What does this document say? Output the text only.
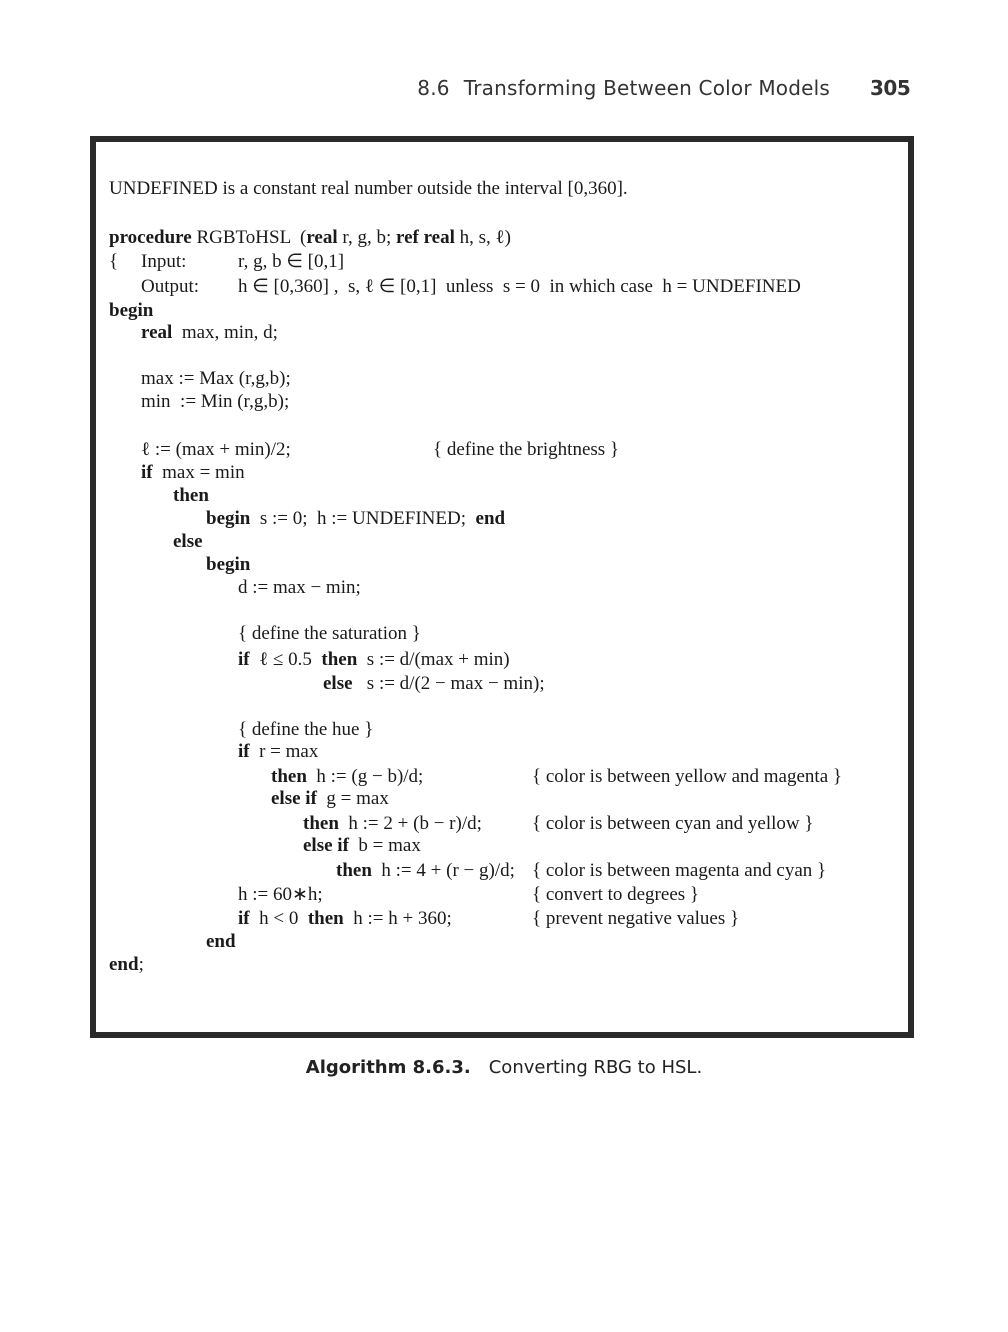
8.6 Transforming Between Color Models 305
UNDEFINED is a constant real number outside the interval [0,360].
procedure RGBToHSL  (real r, g, b; ref real h, s, ℓ)
{ Input:	r, g, b ∈ [0,1]
Output: h ∈ [0,360] ,  s, ℓ ∈ [0,1]  unless  s = 0  in which case  h = UNDEFINED
begin
real  max, min, d;
max := Max (r,g,b);
min  := Min (r,g,b);
ℓ := (max + min)/2;	{ define the brightness }
if  max = min
then
begin  s := 0;  h := UNDEFINED;  end
else
begin
d := max − min;
{ define the saturation }
if  ℓ ≤ 0.5  then  s := d/(max + min)
else   s := d/(2 − max − min);
{ define the hue }
if  r = max
then  h := (g − b)/d;	{ color is between yellow and magenta }
else if  g = max
then  h := 2 + (b − r)/d;	{ color is between cyan and yellow }
else if  b = max
then  h := 4 + (r − g)/d; { color is between magenta and cyan }
h := 60∗h;	{ convert to degrees }
if  h < 0  then  h := h + 360;	{ prevent negative values }
end
end;
Algorithm 8.6.3. Converting RBG to HSL.
